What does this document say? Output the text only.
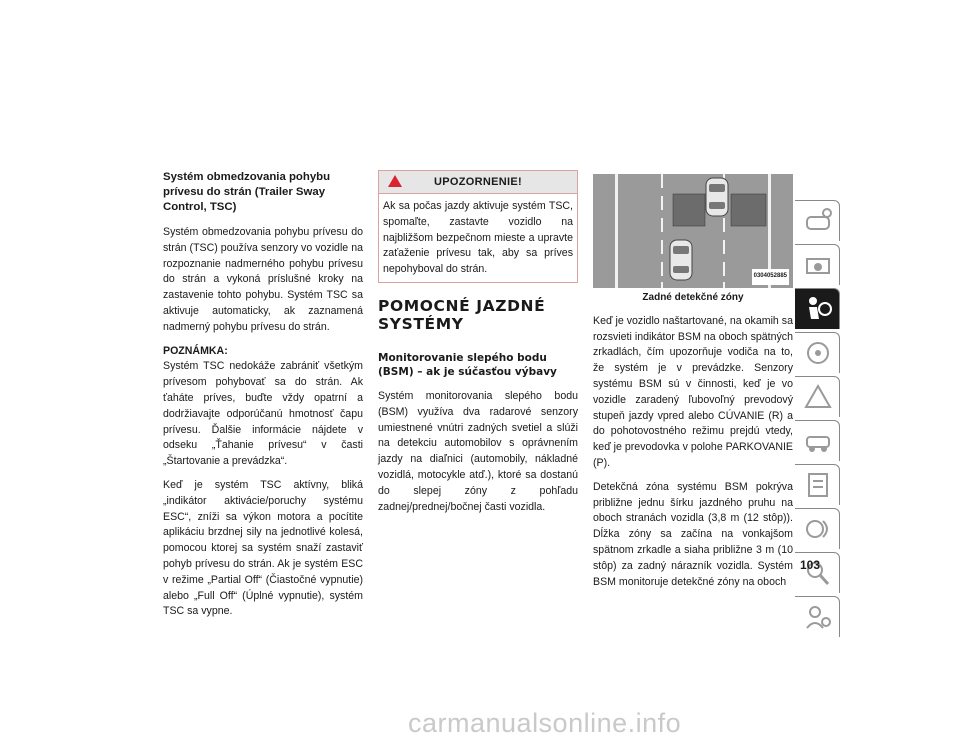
Systém obmedzovania pohybu prívesu do strán (Trailer Sway Control, TSC)

Systém obmedzovania pohybu prívesu do strán (TSC) používa senzory vo vozidle na rozpoznanie nadmerného pohybu prívesu do strán a vykoná príslušné kroky na zastavenie tohto pohybu. Systém TSC sa aktivuje automaticky, ak zaznamená nadmerný pohybu prívesu do strán.

POZNÁMKA:

Systém TSC nedokáže zabrániť všetkým prívesom pohybovať sa do strán. Ak ťaháte príves, buďte vždy opatrní a dodržiavajte odporúčanú hmotnosť čapu prívesu. Ďalšie informácie nájdete v odseku „Ťahanie prívesu“ v časti „Štartovanie a prevádzka“.

Keď je systém TSC aktívny, bliká „indikátor aktivácie/poruchy systému ESC“, zníži sa výkon motora a pocítite aplikáciu brzdnej sily na jednotlivé kolesá, pomocou ktorej sa systém snaží zastaviť pohyb prívesu do strán. Ak je systém ESC v režime „Partial Off“ (Čiastočné vypnutie) alebo „Full Off“ (Úplné vypnutie), systém TSC sa vypne.

UPOZORNENIE!
Ak sa počas jazdy aktivuje systém TSC, spomaľte, zastavte vozidlo na najbližšom bezpečnom mieste a upravte zaťaženie prívesu tak, aby sa príves nepohyboval do strán.
POMOCNÉ JAZDNÉ SYSTÉMY
Monitorovanie slepého bodu (BSM) – ak je súčasťou výbavy

Systém monitorovania slepého bodu (BSM) využíva dva radarové senzory umiestnené vnútri zadných svetiel a slúži na detekciu automobilov s oprávnením jazdy na diaľnici (automobily, nákladné vozidlá, motocykle atď.), ktoré sa dostanú do slepej zóny z pohľadu zadnej/prednej/bočnej časti vozidla.

0304052885
Zadné detekčné zóny

Keď je vozidlo naštartované, na okamih sa rozsvieti indikátor BSM na oboch spätných zrkadlách, čím upozorňuje vodiča na to, že systém je v prevádzke. Senzory systému BSM sú v činnosti, keď je vo vozidle zaradený ľubovoľný prevodový stupeň jazdy vpred alebo CÚVANIE (R) a do pohotovostného režimu prejdú vtedy, keď je prevodovka v polohe PARKOVANIE (P).

Detekčná zóna systému BSM pokrýva približne jednu šírku jazdného pruhu na oboch stranách vozidla (3,8 m (12 stôp)). Dĺžka zóny sa začína na vonkajšom spätnom zrkadle a siaha približne 3 m (10 stôp) za zadný nárazník vozidla. Systém BSM monitoruje detekčné zóny na oboch

103
carmanualsonline.info
